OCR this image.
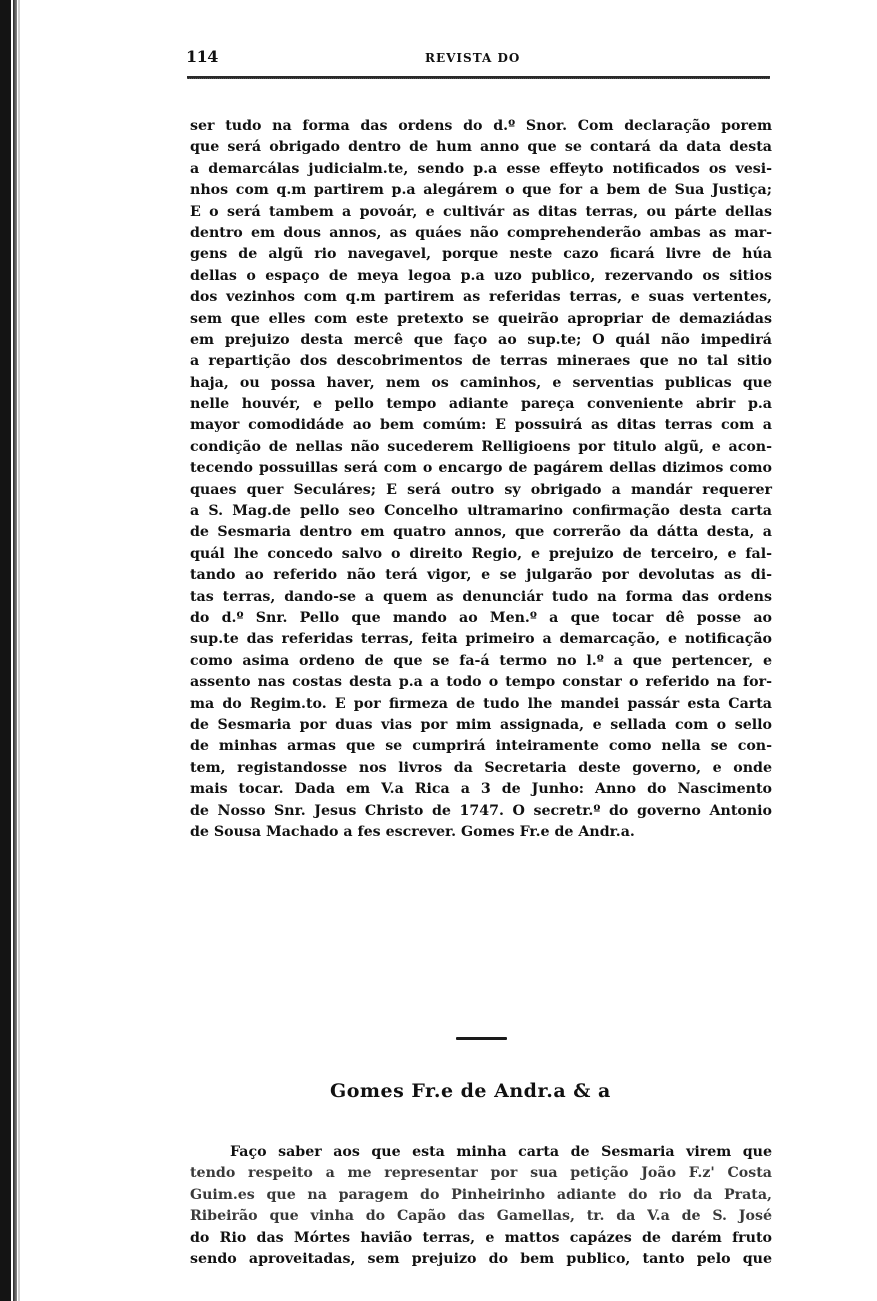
114	REVISTA DO
ser tudo na forma das ordens do d.º Snor. Com declaração porem
que será obrigado dentro de hum anno que se contará da data desta
a demarcálas judicialm.te, sendo p.a esse effeyto notificados os vesi-
nhos com q.m partirem p.a alegárem o que for a bem de Sua Justiça;
E o será tambem a povoár, e cultivár as ditas terras, ou párte dellas
dentro em dous annos, as quáes não comprehenderão ambas as mar-
gens de algũ rio navegavel, porque neste cazo ficará livre de húa
dellas o espaço de meya legoa p.a uzo publico, rezervando os sitios
dos vezinhos com q.m partirem as referidas terras, e suas vertentes,
sem que elles com este pretexto se queirão apropriar de demaziádas
em prejuizo desta mercê que faço ao sup.te; O quál não impedirá
a repartição dos descobrimentos de terras mineraes que no tal sitio
haja, ou possa haver, nem os caminhos, e serventias publicas que
nelle houvér, e pello tempo adiante pareça conveniente abrir p.a
mayor comodidáde ao bem comúm: E possuirá as ditas terras com a
condição de nellas não sucederem Relligioens por titulo algũ, e acon-
tecendo possuillas será com o encargo de pagárem dellas dizimos como
quaes quer Seculáres; E será outro sy obrigado a mandár requerer
a S. Mag.de pello seo Concelho ultramarino confirmação desta carta
de Sesmaria dentro em quatro annos, que correrão da dátta desta, a
quál lhe concedo salvo o direito Regio, e prejuizo de terceiro, e fal-
tando ao referido não terá vigor, e se julgarão por devolutas as di-
tas terras, dando-se a quem as denunciár tudo na forma das ordens
do d.º Snr. Pello que mando ao Men.º a que tocar dê posse ao
sup.te das referidas terras, feita primeiro a demarcação, e notificação
como asima ordeno de que se fa-á termo no l.º a que pertencer, e
assento nas costas desta p.a a todo o tempo constar o referido na for-
ma do Regim.to. E por firmeza de tudo lhe mandei passár esta Carta
de Sesmaria por duas vias por mim assignada, e sellada com o sello
de minhas armas que se cumprirá inteiramente como nella se con-
tem, registandosse nos livros da Secretaria deste governo, e onde
mais tocar. Dada em V.a Rica a 3 de Junho: Anno do Nascimento
de Nosso Snr. Jesus Christo de 1747. O secretr.º do governo Antonio
de Sousa Machado a fes escrever. Gomes Fr.e de Andr.a.
Gomes Fr.e de Andr.a & a
Faço saber aos que esta minha carta de Sesmaria virem que
tendo respeito a me representar por sua petição João F.z' Costa
Guim.es que na paragem do Pinheirinho adiante do rio da Prata,
Ribeirão que vinha do Capão das Gamellas, tr. da V.a de S. José
do Rio das Mórtes havião terras, e mattos capázes de darém fruto
sendo aproveitadas, sem prejuizo do bem publico, tanto pelo que
